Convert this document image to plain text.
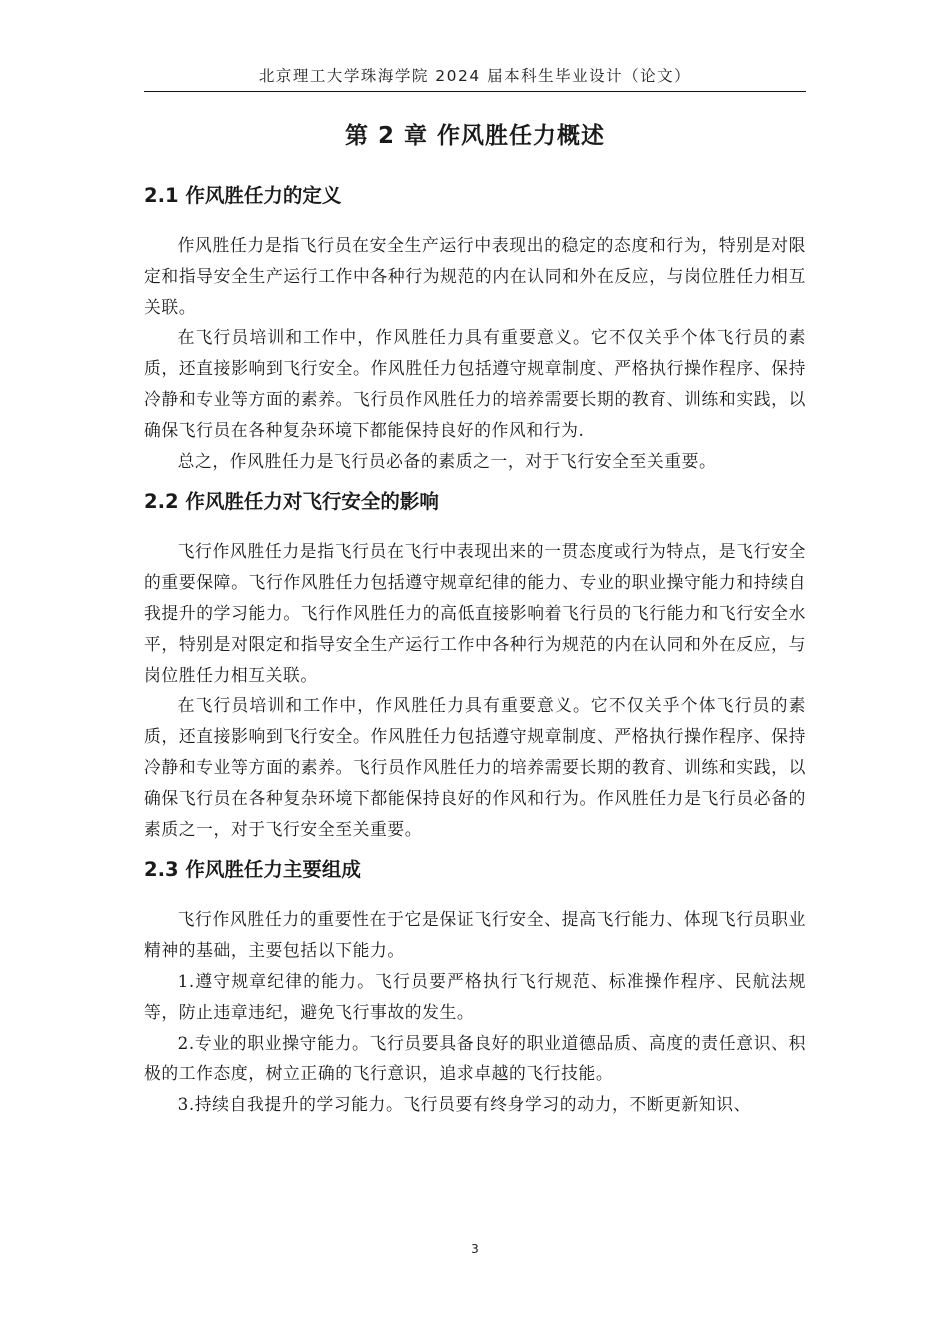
北京理工大学珠海学院 2024 届本科生毕业设计（论文）
第 2 章 作风胜任力概述
2.1 作风胜任力的定义

作风胜任力是指飞行员在安全生产运行中表现出的稳定的态度和行为，特别是对限定和指导安全生产运行工作中各种行为规范的内在认同和外在反应，与岗位胜任力相互关联。

在飞行员培训和工作中，作风胜任力具有重要意义。它不仅关乎个体飞行员的素质，还直接影响到飞行安全。作风胜任力包括遵守规章制度、严格执行操作程序、保持冷静和专业等方面的素养。飞行员作风胜任力的培养需要长期的教育、训练和实践，以确保飞行员在各种复杂环境下都能保持良好的作风和行为.

总之，作风胜任力是飞行员必备的素质之一，对于飞行安全至关重要。

2.2 作风胜任力对飞行安全的影响

飞行作风胜任力是指飞行员在飞行中表现出来的一贯态度或行为特点，是飞行安全的重要保障。飞行作风胜任力包括遵守规章纪律的能力、专业的职业操守能力和持续自我提升的学习能力。飞行作风胜任力的高低直接影响着飞行员的飞行能力和飞行安全水平，特别是对限定和指导安全生产运行工作中各种行为规范的内在认同和外在反应，与岗位胜任力相互关联。

在飞行员培训和工作中，作风胜任力具有重要意义。它不仅关乎个体飞行员的素质，还直接影响到飞行安全。作风胜任力包括遵守规章制度、严格执行操作程序、保持冷静和专业等方面的素养。飞行员作风胜任力的培养需要长期的教育、训练和实践，以确保飞行员在各种复杂环境下都能保持良好的作风和行为。作风胜任力是飞行员必备的素质之一，对于飞行安全至关重要。

2.3 作风胜任力主要组成

飞行作风胜任力的重要性在于它是保证飞行安全、提高飞行能力、体现飞行员职业精神的基础，主要包括以下能力。

1.遵守规章纪律的能力。飞行员要严格执行飞行规范、标准操作程序、民航法规等，防止违章违纪，避免飞行事故的发生。

2.专业的职业操守能力。飞行员要具备良好的职业道德品质、高度的责任意识、积极的工作态度，树立正确的飞行意识，追求卓越的飞行技能。

3.持续自我提升的学习能力。飞行员要有终身学习的动力，不断更新知识、

3
